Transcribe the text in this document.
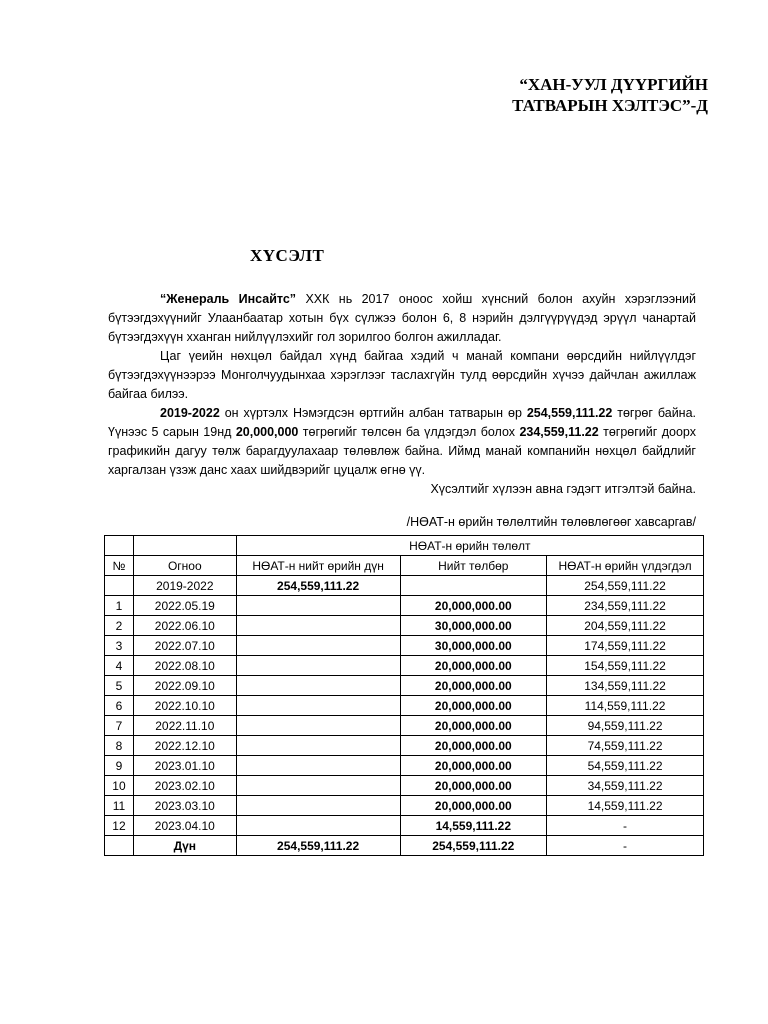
“ХАН-УУЛ ДҮҮРГИЙН
ТАТВАРЫН ХЭЛТЭС”-Д
ХҮСЭЛТ

“Женераль Инсайтс” ХХК нь 2017 оноос хойш хүнсний болон ахуйн хэрэглээний бүтээгдэхүүнийг Улаанбаатар хотын бүх сүлжээ болон 6, 8 нэрийн дэлгүүрүүдэд эрүүл чанартай бүтээгдэхүүн хханган нийлүүлэхийг гол зорилгоо болгон ажилладаг.

Цаг үеийн нөхцөл байдал хүнд байгаа хэдий ч манай компани өөрсдийн нийлүүлдэг бүтээгдэхүүнээрээ Монголчуудынхаа хэрэглээг таслахгүйн тулд өөрсдийн хүчээ дайчлан ажиллаж байгаа билээ.

2019-2022 он хүртэлх Нэмэгдсэн өртгийн албан татварын өр 254,559,111.22 төгрөг байна. Үүнээс 5 сарын 19нд 20,000,000 төгрөгийг төлсөн ба үлдэгдэл болох 234,559,11.22 төгрөгийг доорх графикийн дагуу төлж барагдуулахаар төлөвлөж байна. Иймд манай компанийн нөхцөл байдлийг харгалзан үзэж данс хаах шийдвэрийг цуцалж өгнө үү.

Хүсэлтийг хүлээн авна гэдэгт итгэлтэй байна.

/НӨАТ-н өрийн төлөлтийн төлөвлөгөөг хавсаргав/
		НӨАТ-н өрийн төлөлт		
№	Огноо	НӨАТ-н нийт өрийн дүн	Нийт төлбөр	НӨАТ-н өрийн үлдэгдэл
	2019-2022	254,559,111.22		254,559,111.22
1	2022.05.19		20,000,000.00	234,559,111.22
2	2022.06.10		30,000,000.00	204,559,111.22
3	2022.07.10		30,000,000.00	174,559,111.22
4	2022.08.10		20,000,000.00	154,559,111.22
5	2022.09.10		20,000,000.00	134,559,111.22
6	2022.10.10		20,000,000.00	114,559,111.22
7	2022.11.10		20,000,000.00	94,559,111.22
8	2022.12.10		20,000,000.00	74,559,111.22
9	2023.01.10		20,000,000.00	54,559,111.22
10	2023.02.10		20,000,000.00	34,559,111.22
11	2023.03.10		20,000,000.00	14,559,111.22
12	2023.04.10		14,559,111.22	-
	Дүн	254,559,111.22	254,559,111.22	-
